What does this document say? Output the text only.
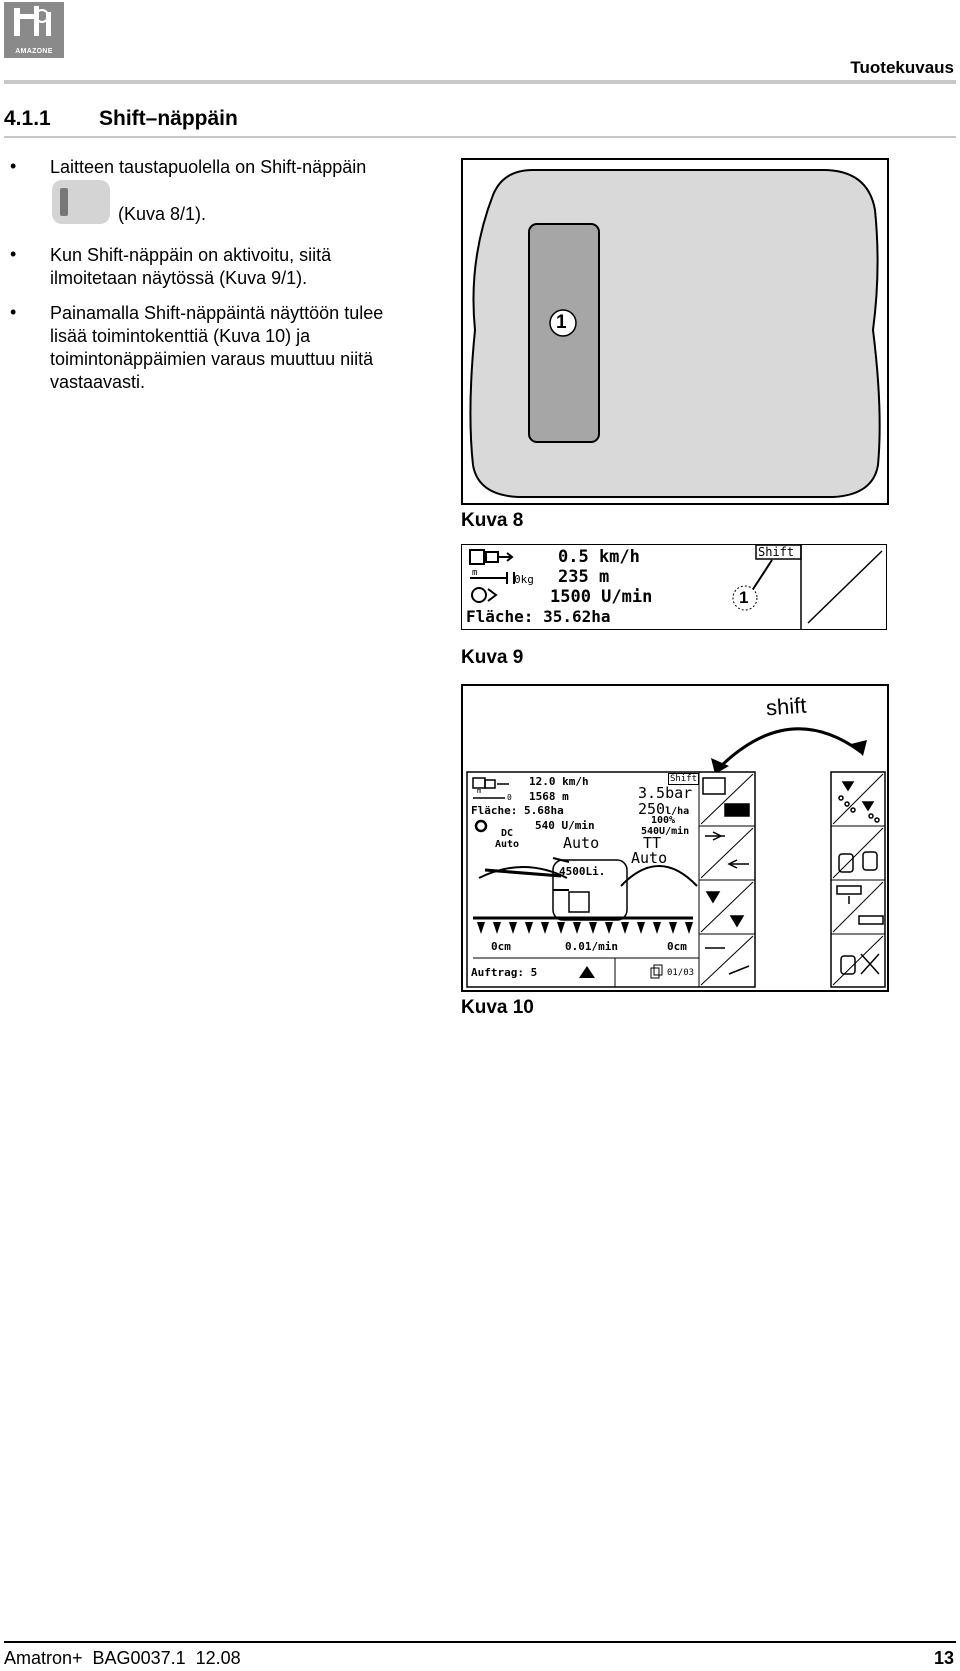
AMAZONE
Tuotekuvaus
4.1.1 Shift–näppäin
• Laitteen taustapuolella on Shift-näppäin
(Kuva 8/1).
• Kun Shift-näppäin on aktivoitu, siitä
ilmoitetaan näytössä (Kuva 9/1).
• Painamalla Shift-näppäintä näyttöön tulee
lisää toimintokenttiä (Kuva 10) ja
toimintonäppäimien varaus muuttuu niitä
vastaavasti.
1
Kuva 8
m	0kg
0.5 km/h
235 m
1500 U/min
Fläche: 35.62ha
Shift
1
Kuva 9
shift
Shift
m
0
12.0 km/h
1568 m
Fläche: 5.68ha
540 U/min
DC
Auto
3.5bar
250l/ha
100%
540U/min
Auto	TT
Auto
4500Li.
0cm	0.01/min	0cm
Auftrag: 5	01/03
Kuva 10
Amatron+  BAG0037.1  12.08	13
